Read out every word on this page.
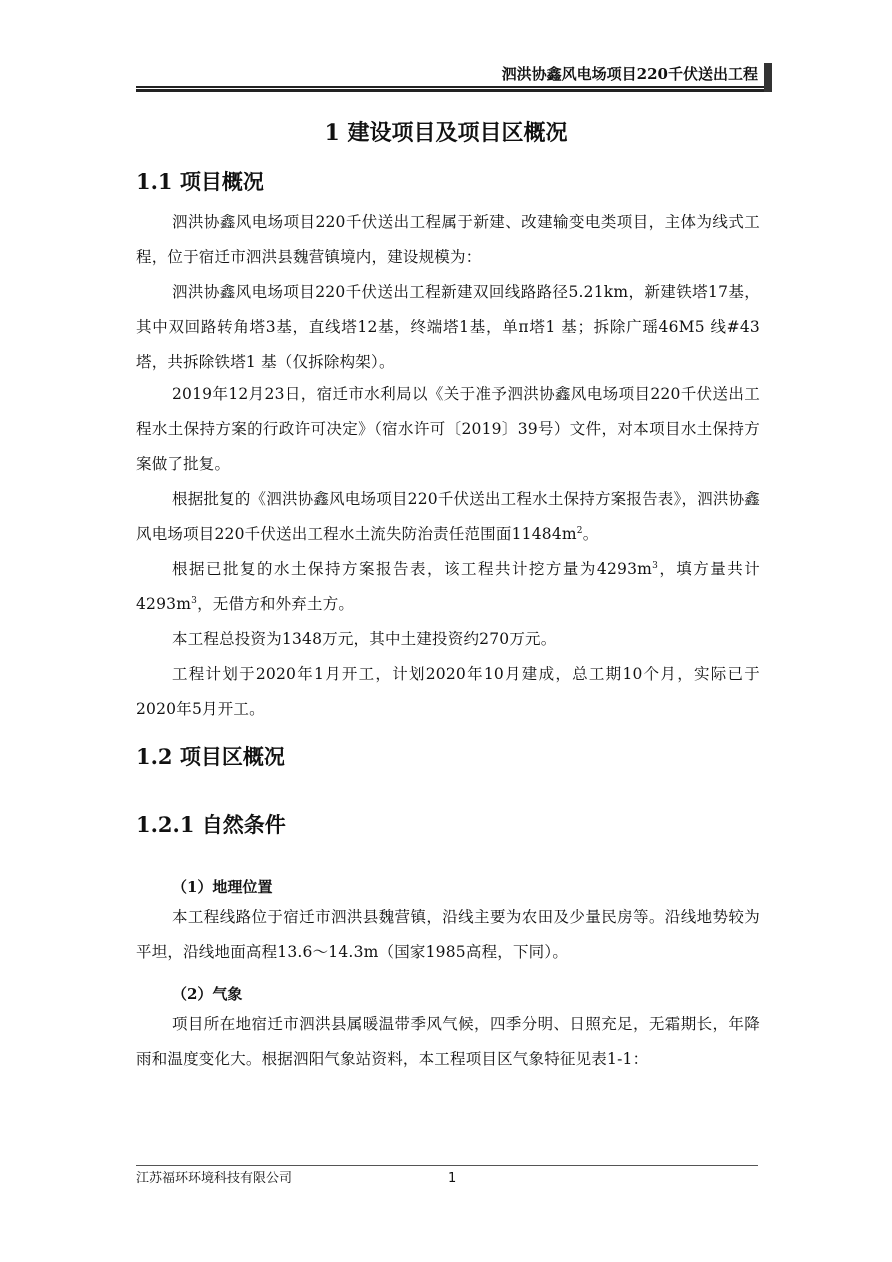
泗洪协鑫风电场项目220千伏送出工程
1 建设项目及项目区概况
1.1 项目概况
泗洪协鑫风电场项目220千伏送出工程属于新建、改建输变电类项目，主体为线式工程，位于宿迁市泗洪县魏营镇境内，建设规模为：
泗洪协鑫风电场项目220千伏送出工程新建双回线路路径5.21km，新建铁塔17基，其中双回路转角塔3基，直线塔12基，终端塔1基，单π塔1 基；拆除广瑶46M5 线#43 塔，共拆除铁塔1 基（仅拆除构架）。
2019年12月23日，宿迁市水利局以《关于准予泗洪协鑫风电场项目220千伏送出工程水土保持方案的行政许可决定》（宿水许可〔2019〕39号）文件，对本项目水土保持方案做了批复。
根据批复的《泗洪协鑫风电场项目220千伏送出工程水土保持方案报告表》，泗洪协鑫风电场项目220千伏送出工程水土流失防治责任范围面$11484m^2$。
根据已批复的水土保持方案报告表，该工程共计挖方量为$4293m^3$，填方量共计$4293m^3$，无借方和外弃土方。
本工程总投资为1348万元，其中土建投资约270万元。
工程计划于2020年1月开工，计划2020年10月建成，总工期10个月，实际已于2020年5月开工。
1.2 项目区概况
1.2.1 自然条件
（1）地理位置
本工程线路位于宿迁市泗洪县魏营镇，沿线主要为农田及少量民房等。沿线地势较为平坦，沿线地面高程13.6～14.3m（国家1985高程，下同）。
（2）气象
项目所在地宿迁市泗洪县属暖温带季风气候，四季分明、日照充足，无霜期长，年降雨和温度变化大。根据泗阳气象站资料，本工程项目区气象特征见表1-1：
江苏福环环境科技有限公司	1
